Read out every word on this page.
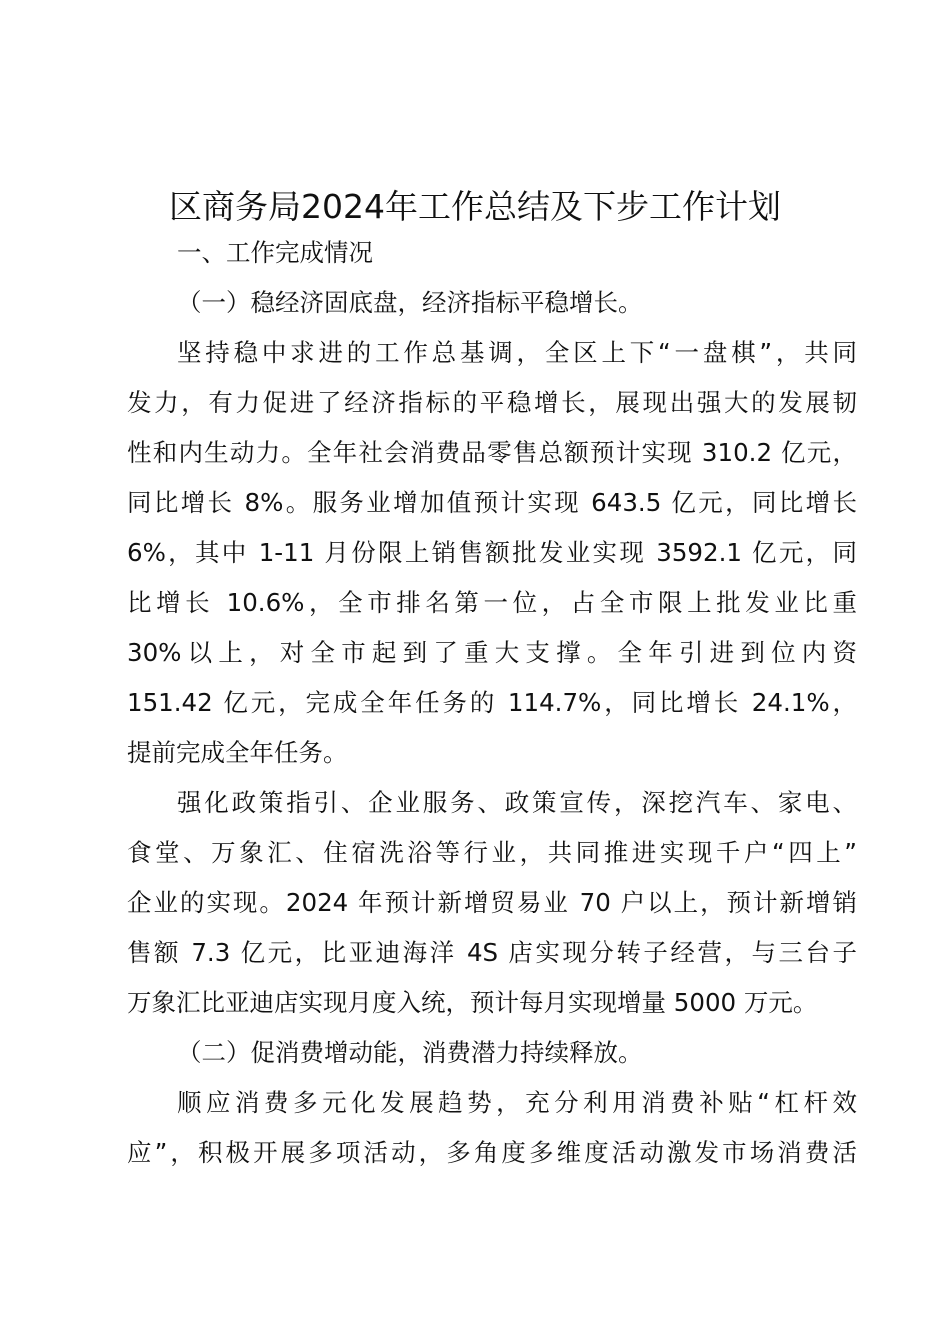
区商务局2024年工作总结及下步工作计划
一、工作完成情况
（一）稳经济固底盘，经济指标平稳增长。
坚持稳中求进的工作总基调，全区上下“一盘棋”，共同
发力，有力促进了经济指标的平稳增长，展现出强大的发展韧
性和内生动力。全年社会消费品零售总额预计实现 310.2 亿元，
同比增长 8%。服务业增加值预计实现 643.5 亿元，同比增长
6%，其中 1-11 月份限上销售额批发业实现 3592.1 亿元，同
比增长 10.6%，全市排名第一位，占全市限上批发业比重
30%以上，对全市起到了重大支撑。全年引进到位内资
151.42 亿元，完成全年任务的 114.7%，同比增长 24.1%，
提前完成全年任务。
强化政策指引、企业服务、政策宣传，深挖汽车、家电、
食堂、万象汇、住宿洗浴等行业，共同推进实现千户“四上”
企业的实现。2024 年预计新增贸易业 70 户以上，预计新增销
售额 7.3 亿元，比亚迪海洋 4S 店实现分转子经营，与三台子
万象汇比亚迪店实现月度入统，预计每月实现增量 5000 万元。
（二）促消费增动能，消费潜力持续释放。
顺应消费多元化发展趋势，充分利用消费补贴“杠杆效
应”，积极开展多项活动，多角度多维度活动激发市场消费活
